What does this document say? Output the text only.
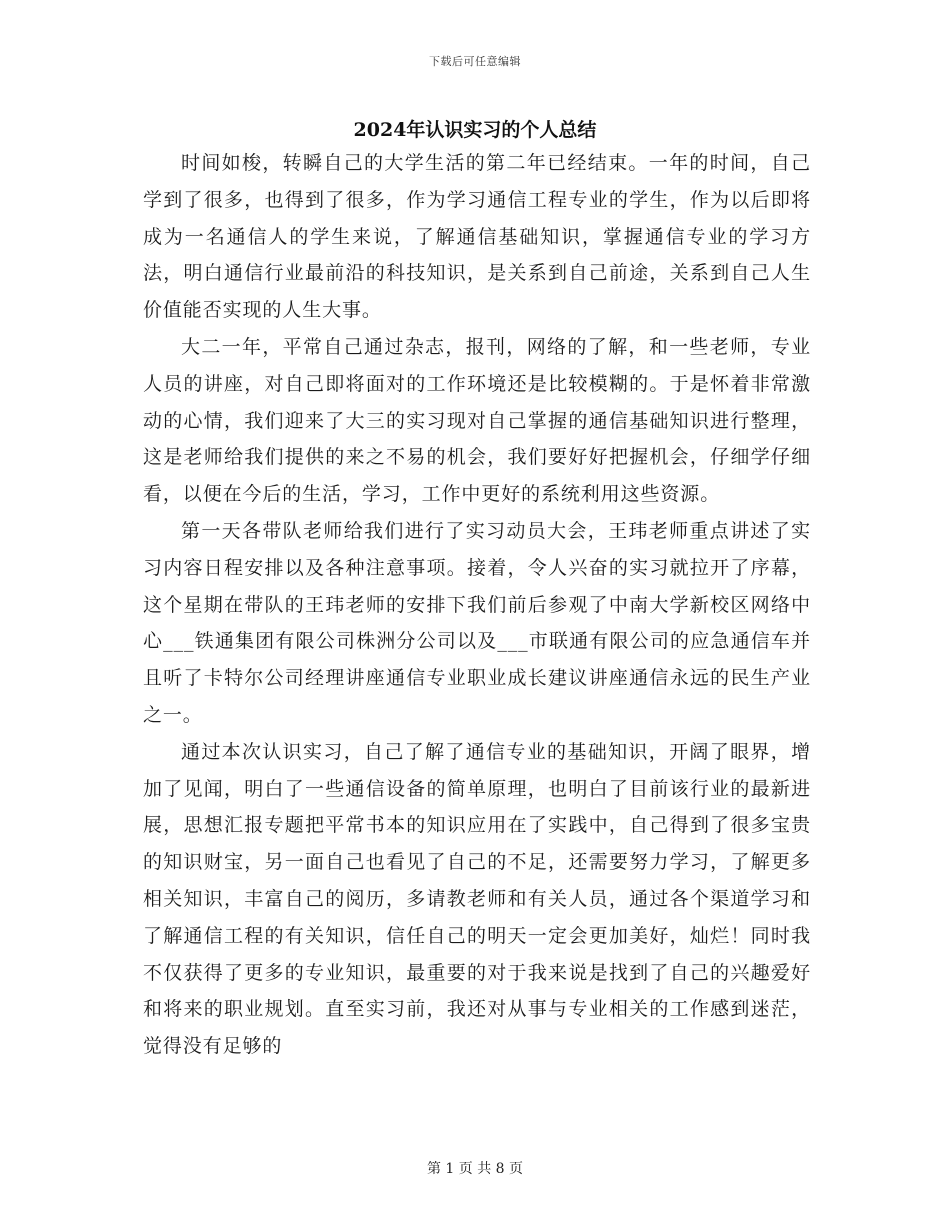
下载后可任意编辑
2024年认识实习的个人总结

时间如梭，转瞬自己的大学生活的第二年已经结束。一年的时间，自己学到了很多，也得到了很多，作为学习通信工程专业的学生，作为以后即将成为一名通信人的学生来说，了解通信基础知识，掌握通信专业的学习方法，明白通信行业最前沿的科技知识，是关系到自己前途，关系到自己人生价值能否实现的人生大事。

大二一年，平常自己通过杂志，报刊，网络的了解，和一些老师，专业人员的讲座，对自己即将面对的工作环境还是比较模糊的。于是怀着非常激动的心情，我们迎来了大三的实习现对自己掌握的通信基础知识进行整理，这是老师给我们提供的来之不易的机会，我们要好好把握机会，仔细学仔细看，以便在今后的生活，学习，工作中更好的系统利用这些资源。

第一天各带队老师给我们进行了实习动员大会，王玮老师重点讲述了实习内容日程安排以及各种注意事项。接着，令人兴奋的实习就拉开了序幕，这个星期在带队的王玮老师的安排下我们前后参观了中南大学新校区网络中心___铁通集团有限公司株洲分公司以及___市联通有限公司的应急通信车并且听了卡特尔公司经理讲座通信专业职业成长建议讲座通信永远的民生产业之一。

通过本次认识实习，自己了解了通信专业的基础知识，开阔了眼界，增加了见闻，明白了一些通信设备的简单原理，也明白了目前该行业的最新进展，思想汇报专题把平常书本的知识应用在了实践中，自己得到了很多宝贵的知识财宝，另一面自己也看见了自己的不足，还需要努力学习，了解更多相关知识，丰富自己的阅历，多请教老师和有关人员，通过各个渠道学习和了解通信工程的有关知识，信任自己的明天一定会更加美好，灿烂！同时我不仅获得了更多的专业知识，最重要的对于我来说是找到了自己的兴趣爱好和将来的职业规划。直至实习前，我还对从事与专业相关的工作感到迷茫，觉得没有足够的

第 1 页 共 8 页
